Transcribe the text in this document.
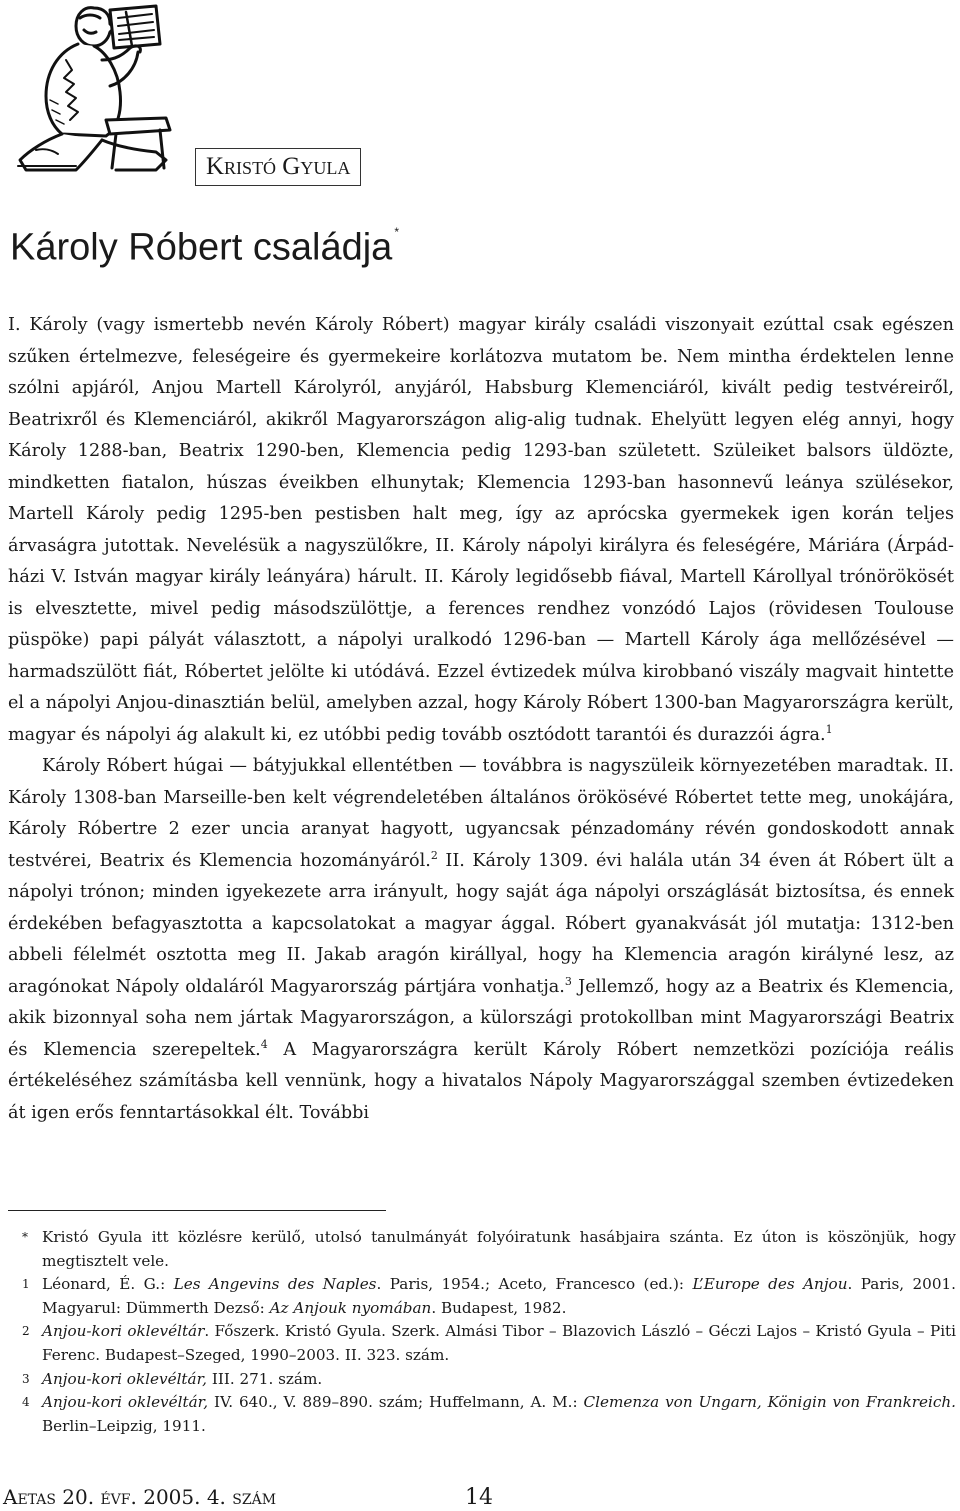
Kristó Gyula
Károly Róbert családja *

I. Károly (vagy ismertebb nevén Károly Róbert) magyar király családi viszonyait ezúttal csak egészen szűken értelmezve, feleségeire és gyermekeire korlátozva mutatom be. Nem mintha érdektelen lenne szólni apjáról, Anjou Martell Károlyról, anyjáról, Habsburg Klemenciáról, kivált pedig testvéreiről, Beatrixről és Klemenciáról, akikről Magyarországon alig-alig tudnak. Ehelyütt legyen elég annyi, hogy Károly 1288-ban, Beatrix 1290-ben, Klemencia pedig 1293-ban született. Szüleiket balsors üldözte, mindketten fiatalon, húszas éveikben elhunytak; Klemencia 1293-ban hasonnevű leánya szülésekor, Martell Károly pedig 1295-ben pestisben halt meg, így az aprócska gyermekek igen korán teljes árvaságra jutottak. Nevelésük a nagyszülőkre, II. Károly nápolyi királyra és feleségére, Máriára (Árpád-házi V. István magyar király leányára) hárult. II. Károly legidősebb fiával, Martell Károllyal trónörökösét is elvesztette, mivel pedig másodszülöttje, a ferences rendhez vonzódó Lajos (rövidesen Toulouse püspöke) papi pályát választott, a nápolyi uralkodó 1296-ban — Martell Károly ága mellőzésével — harmadszülött fiát, Róbertet jelölte ki utódává. Ezzel évtizedek múlva kirobbanó viszály magvait hintette el a nápolyi Anjou-dinasztián belül, amelyben azzal, hogy Károly Róbert 1300-ban Magyarországra került, magyar és nápolyi ág alakult ki, ez utóbbi pedig tovább osztódott tarantói és durazzói ágra.$^1$

Károly Róbert húgai — bátyjukkal ellentétben — továbbra is nagyszüleik környezetében maradtak. II. Károly 1308-ban Marseille-ben kelt végrendeletében általános örökösévé Róbertet tette meg, unokájára, Károly Róbertre 2 ezer uncia aranyat hagyott, ugyancsak pénzadomány révén gondoskodott annak testvérei, Beatrix és Klemencia hozományáról.$^2$ II. Károly 1309. évi halála után 34 éven át Róbert ült a nápolyi trónon; minden igyekezete arra irányult, hogy saját ága nápolyi országlását biztosítsa, és ennek érdekében befagyasztotta a kapcsolatokat a magyar ággal. Róbert gyanakvását jól mutatja: 1312-ben abbeli félelmét osztotta meg II. Jakab aragón királlyal, hogy ha Klemencia aragón királyné lesz, az aragónokat Nápoly oldaláról Magyarország pártjára vonhatja.$^3$ Jellemző, hogy az a Beatrix és Klemencia, akik bizonnyal soha nem jártak Magyarországon, a külországi protokollban mint Magyarországi Beatrix és Klemencia szerepeltek.$^4$ A Magyarországra került Károly Róbert nemzetközi pozíciója reális értékeléséhez számításba kell vennünk, hogy a hivatalos Nápoly Magyarországgal szemben évtizedeken át igen erős fenntartásokkal élt. További

* Kristó Gyula itt közlésre kerülő, utolsó tanulmányát folyóiratunk hasábjaira szánta. Ez úton is köszönjük, hogy megtisztelt vele.

1 Léonard, É. G.: Les Angevins des Naples. Paris, 1954.; Aceto, Francesco (ed.): L’Europe des Anjou. Paris, 2001. Magyarul: Dümmerth Dezső: Az Anjouk nyomában. Budapest, 1982.

2 Anjou-kori oklevéltár. Főszerk. Kristó Gyula. Szerk. Almási Tibor – Blazovich László – Géczi Lajos – Kristó Gyula – Piti Ferenc. Budapest–Szeged, 1990–2003. II. 323. szám.

3 Anjou-kori oklevéltár, III. 271. szám.

4 Anjou-kori oklevéltár, IV. 640., V. 889–890. szám; Huffelmann, A. M.: Clemenza von Ungarn, Königin von Frankreich. Berlin–Leipzig, 1911.

Aetas 20. évf. 2005. 4. szám	14
